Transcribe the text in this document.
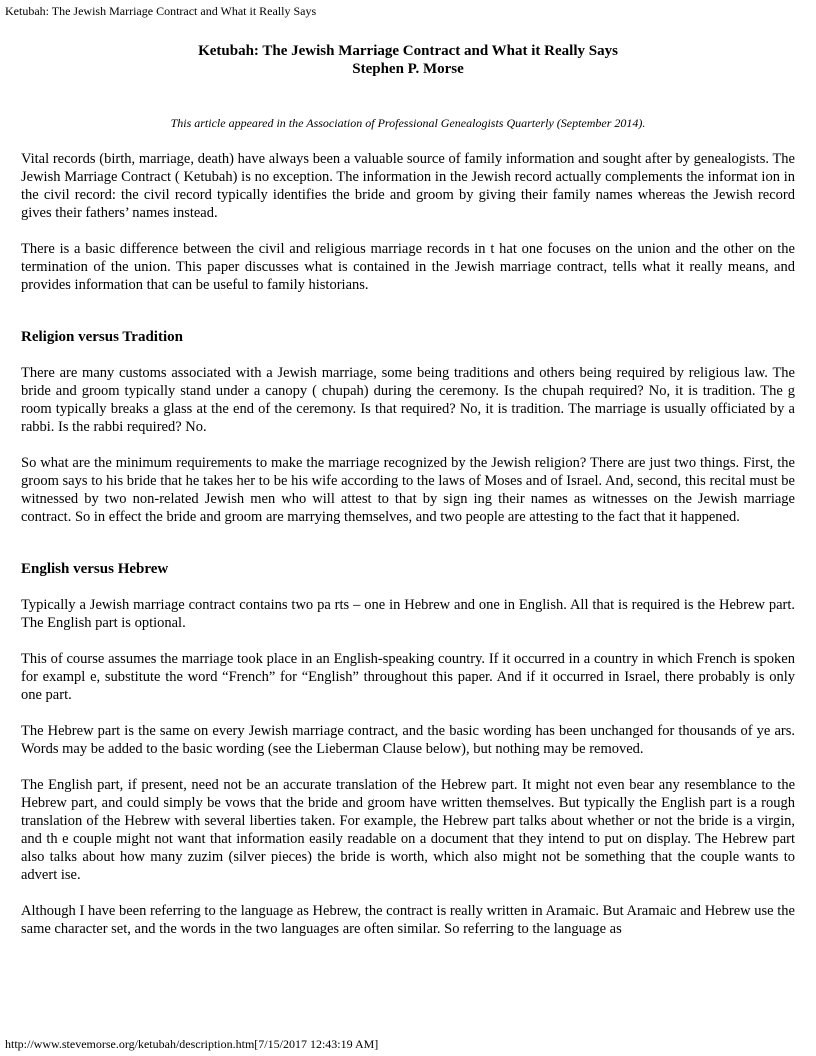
Ketubah: The Jewish Marriage Contract and What it Really Says
Ketubah: The Jewish Marriage Contract and What it Really Says
Stephen P. Morse
This article appeared in the Association of Professional Genealogists Quarterly (September 2014).

Vital records (birth, marriage, death) have always been a valuable source of family information and sought after by genealogists. The Jewish Marriage Contract ( Ketubah) is no exception. The information in the Jewish record actually complements the informat ion in the civil record: the civil record typically identifies the bride and groom by giving their family names whereas the Jewish record gives their fathers’ names instead.

There is a basic difference between the civil and religious marriage records in t hat one focuses on the union and the other on the termination of the union. This paper discusses what is contained in the Jewish marriage contract, tells what it really means, and provides information that can be useful to family historians.

Religion versus Tradition

There are many customs associated with a Jewish marriage, some being traditions and others being required by religious law. The bride and groom typically stand under a canopy ( chupah) during the ceremony. Is the chupah required? No, it is tradition. The g room typically breaks a glass at the end of the ceremony. Is that required? No, it is tradition. The marriage is usually officiated by a rabbi. Is the rabbi required? No.

So what are the minimum requirements to make the marriage recognized by the Jewish religion? There are just two things. First, the groom says to his bride that he takes her to be his wife according to the laws of Moses and of Israel. And, second, this recital must be witnessed by two non-related Jewish men who will attest to that by sign ing their names as witnesses on the Jewish marriage contract. So in effect the bride and groom are marrying themselves, and two people are attesting to the fact that it happened.

English versus Hebrew

Typically a Jewish marriage contract contains two pa rts – one in Hebrew and one in English. All that is required is the Hebrew part. The English part is optional.

This of course assumes the marriage took place in an English-speaking country. If it occurred in a country in which French is spoken for exampl e, substitute the word “French” for “English” throughout this paper. And if it occurred in Israel, there probably is only one part.

The Hebrew part is the same on every Jewish marriage contract, and the basic wording has been unchanged for thousands of ye ars. Words may be added to the basic wording (see the Lieberman Clause below), but nothing may be removed.

The English part, if present, need not be an accurate translation of the Hebrew part. It might not even bear any resemblance to the Hebrew part, and could simply be vows that the bride and groom have written themselves. But typically the English part is a rough translation of the Hebrew with several liberties taken. For example, the Hebrew part talks about whether or not the bride is a virgin, and th e couple might not want that information easily readable on a document that they intend to put on display. The Hebrew part also talks about how many zuzim (silver pieces) the bride is worth, which also might not be something that the couple wants to advert ise.

Although I have been referring to the language as Hebrew, the contract is really written in Aramaic. But Aramaic and Hebrew use the same character set, and the words in the two languages are often similar. So referring to the language as

http://www.stevemorse.org/ketubah/description.htm[7/15/2017 12:43:19 AM]
